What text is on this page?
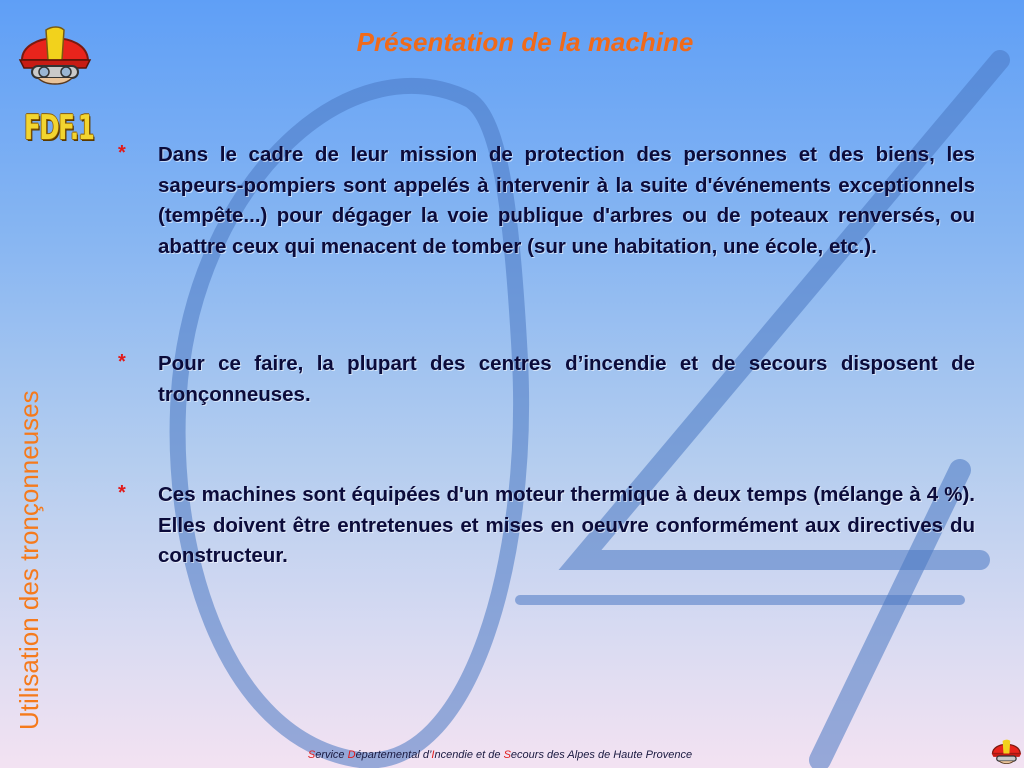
FDF.1
Utilisation des tronçonneuses
Présentation de la machine
* Dans le cadre de leur mission de protection des personnes et des biens, les sapeurs-pompiers sont appelés à intervenir à la suite d'événements exceptionnels (tempête...) pour dégager la voie publique d'arbres ou de poteaux renversés, ou abattre ceux qui menacent de tomber (sur une habitation, une école, etc.).
* Pour ce faire, la plupart des centres d’incendie et de secours disposent de tronçonneuses.
* Ces machines sont équipées d'un moteur thermique à deux temps (mélange à 4 %). Elles doivent être entretenues et mises en oeuvre conformément aux directives du constructeur.
Service Départemental d’Incendie et de Secours des Alpes de Haute Provence
